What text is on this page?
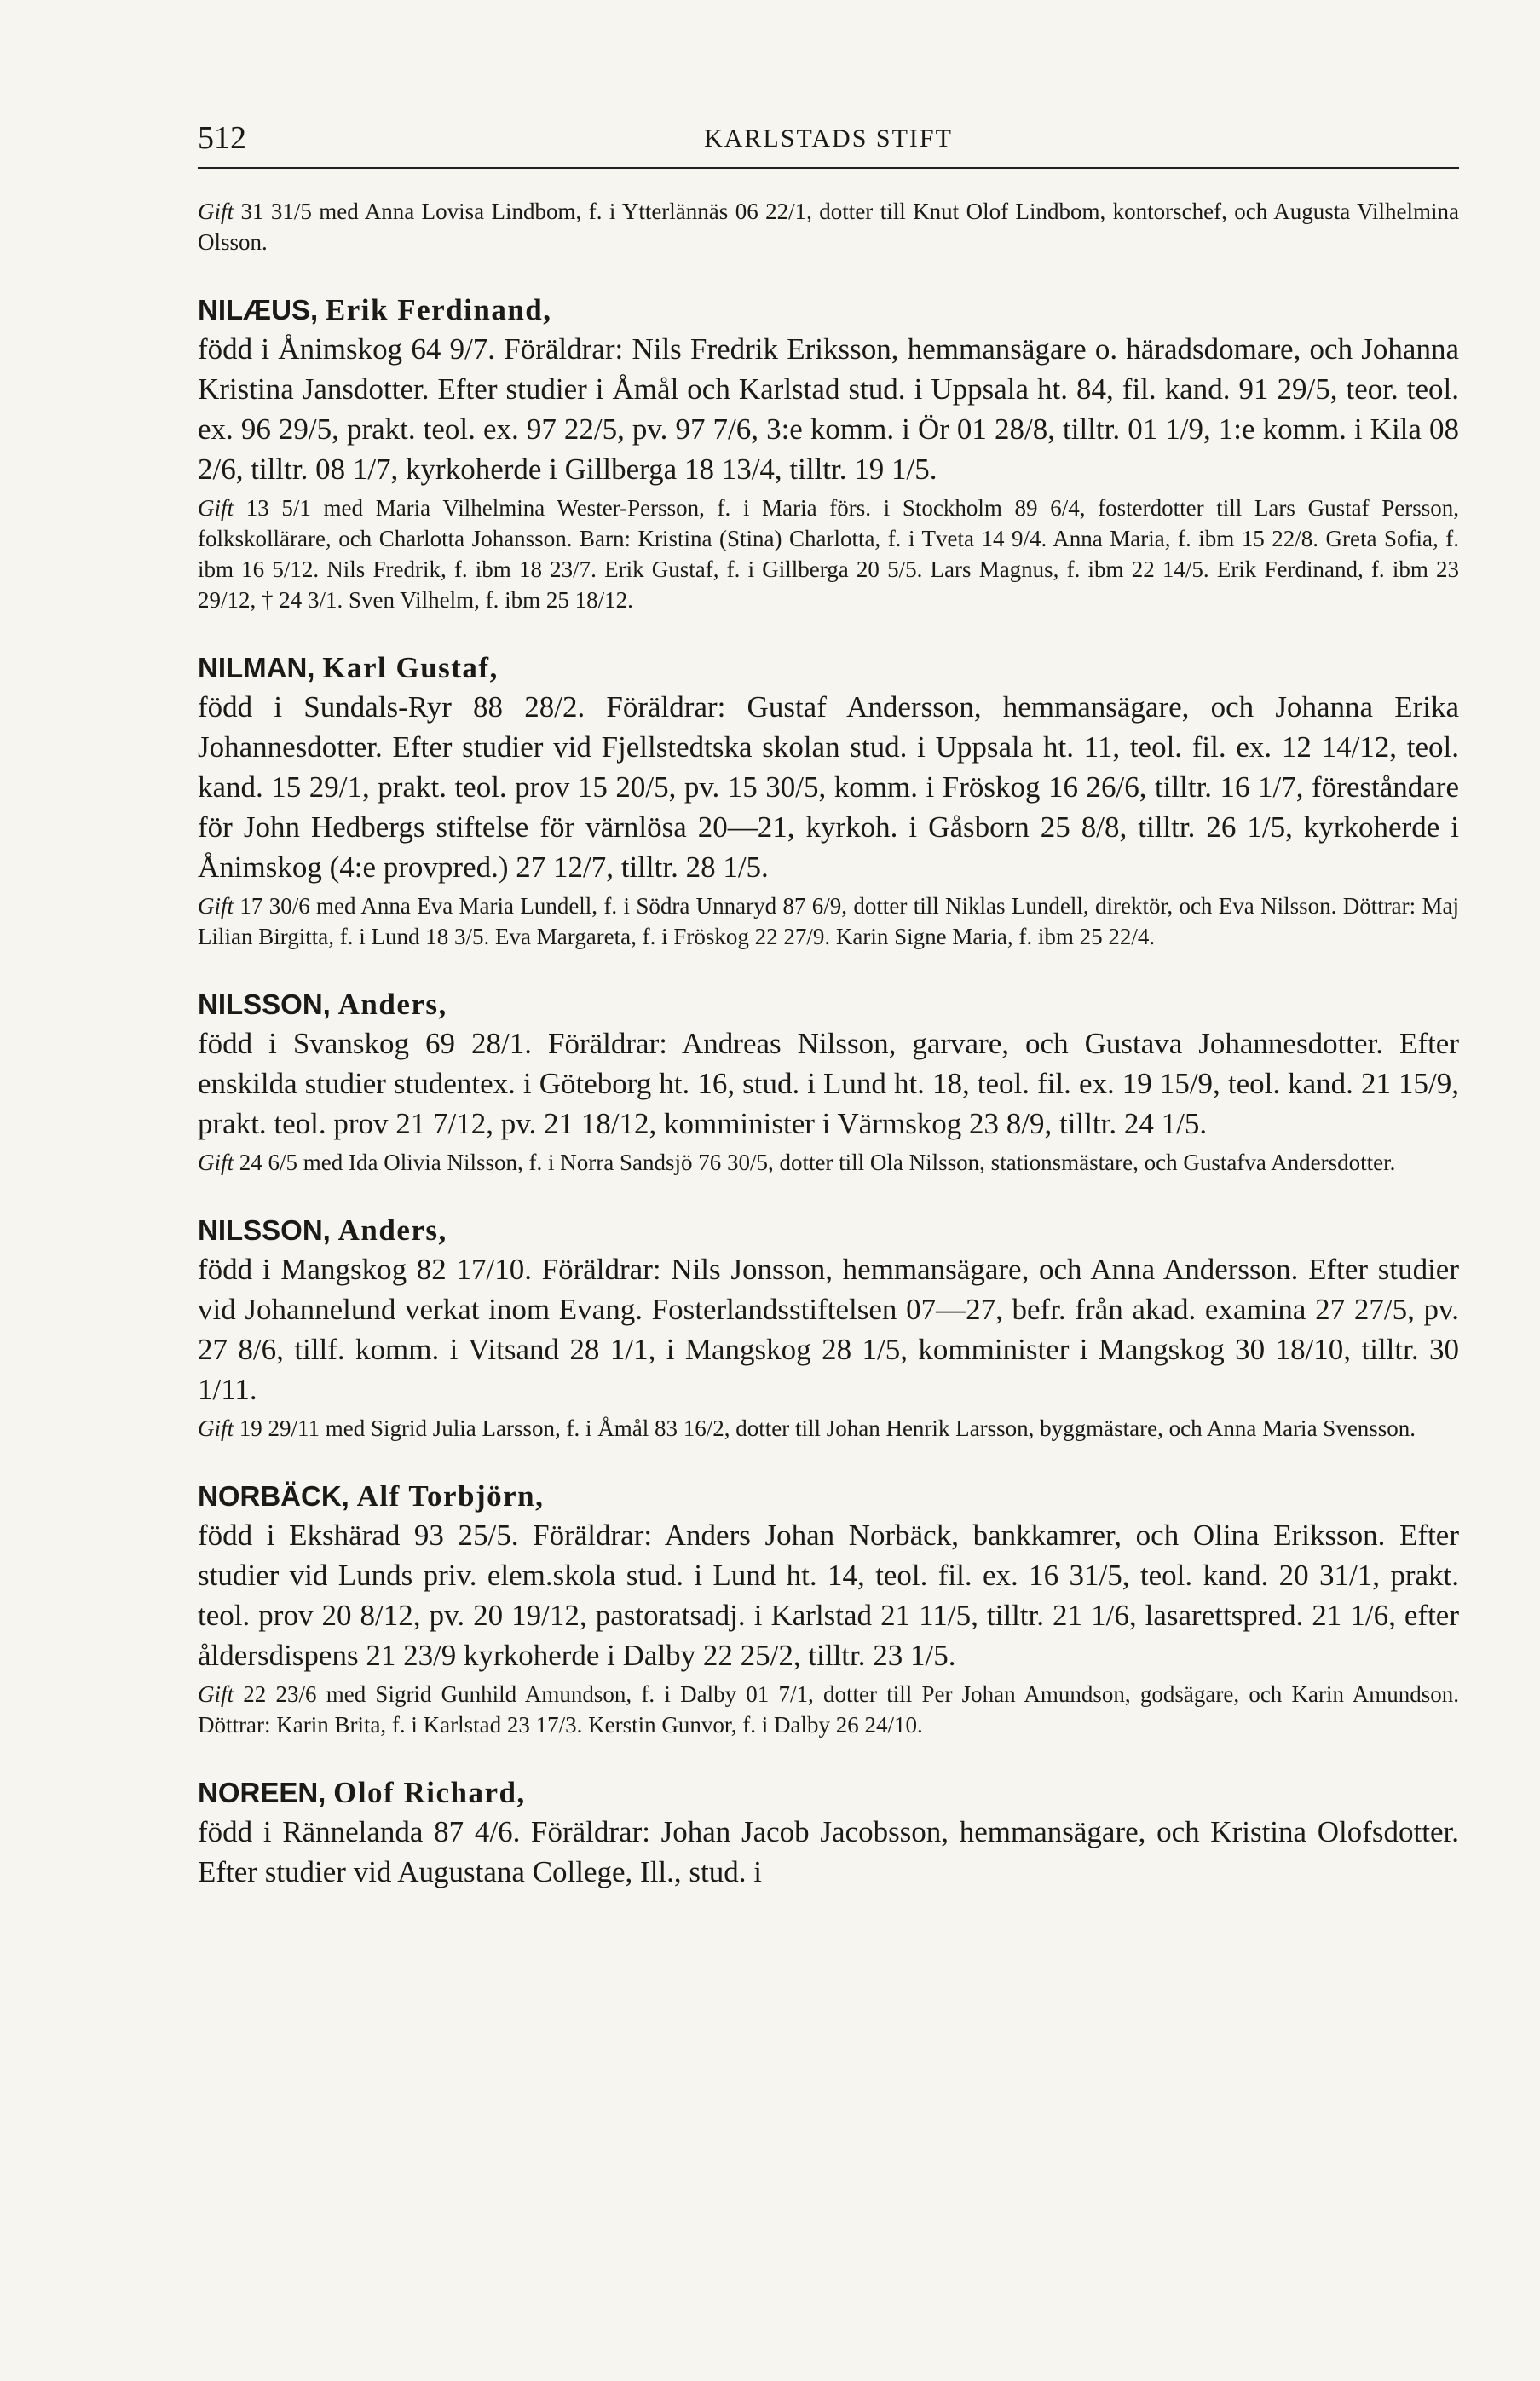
512	KARLSTADS STIFT

Gift 31 31/5 med Anna Lovisa Lindbom, f. i Ytterlännäs 06 22/1, dotter till Knut Olof Lindbom, kontorschef, och Augusta Vilhelmina Olsson.

NILÆUS, Erik Ferdinand,

född i Ånimskog 64 9/7. Föräldrar: Nils Fredrik Eriksson, hemmansägare o. häradsdomare, och Johanna Kristina Jansdotter. Efter studier i Åmål och Karlstad stud. i Uppsala ht. 84, fil. kand. 91 29/5, teor. teol. ex. 96 29/5, prakt. teol. ex. 97 22/5, pv. 97 7/6, 3:e komm. i Ör 01 28/8, tilltr. 01 1/9, 1:e komm. i Kila 08 2/6, tilltr. 08 1/7, kyrkoherde i Gillberga 18 13/4, tilltr. 19 1/5.

Gift 13 5/1 med Maria Vilhelmina Wester-Persson, f. i Maria förs. i Stockholm 89 6/4, fosterdotter till Lars Gustaf Persson, folkskollärare, och Charlotta Johansson. Barn: Kristina (Stina) Charlotta, f. i Tveta 14 9/4. Anna Maria, f. ibm 15 22/8. Greta Sofia, f. ibm 16 5/12. Nils Fredrik, f. ibm 18 23/7. Erik Gustaf, f. i Gillberga 20 5/5. Lars Magnus, f. ibm 22 14/5. Erik Ferdinand, f. ibm 23 29/12, † 24 3/1. Sven Vilhelm, f. ibm 25 18/12.

NILMAN, Karl Gustaf,

född i Sundals-Ryr 88 28/2. Föräldrar: Gustaf Andersson, hemmansägare, och Johanna Erika Johannesdotter. Efter studier vid Fjellstedtska skolan stud. i Uppsala ht. 11, teol. fil. ex. 12 14/12, teol. kand. 15 29/1, prakt. teol. prov 15 20/5, pv. 15 30/5, komm. i Fröskog 16 26/6, tilltr. 16 1/7, föreståndare för John Hedbergs stiftelse för värnlösa 20—21, kyrkoh. i Gåsborn 25 8/8, tilltr. 26 1/5, kyrkoherde i Ånimskog (4:e provpred.) 27 12/7, tilltr. 28 1/5.

Gift 17 30/6 med Anna Eva Maria Lundell, f. i Södra Unnaryd 87 6/9, dotter till Niklas Lundell, direktör, och Eva Nilsson. Döttrar: Maj Lilian Birgitta, f. i Lund 18 3/5. Eva Margareta, f. i Fröskog 22 27/9. Karin Signe Maria, f. ibm 25 22/4.

NILSSON, Anders,

född i Svanskog 69 28/1. Föräldrar: Andreas Nilsson, garvare, och Gustava Johannesdotter. Efter enskilda studier studentex. i Göteborg ht. 16, stud. i Lund ht. 18, teol. fil. ex. 19 15/9, teol. kand. 21 15/9, prakt. teol. prov 21 7/12, pv. 21 18/12, komminister i Värmskog 23 8/9, tilltr. 24 1/5.

Gift 24 6/5 med Ida Olivia Nilsson, f. i Norra Sandsjö 76 30/5, dotter till Ola Nilsson, stationsmästare, och Gustafva Andersdotter.

NILSSON, Anders,

född i Mangskog 82 17/10. Föräldrar: Nils Jonsson, hemmansägare, och Anna Andersson. Efter studier vid Johannelund verkat inom Evang. Fosterlandsstiftelsen 07—27, befr. från akad. examina 27 27/5, pv. 27 8/6, tillf. komm. i Vitsand 28 1/1, i Mangskog 28 1/5, komminister i Mangskog 30 18/10, tilltr. 30 1/11.

Gift 19 29/11 med Sigrid Julia Larsson, f. i Åmål 83 16/2, dotter till Johan Henrik Larsson, byggmästare, och Anna Maria Svensson.

NORBÄCK, Alf Torbjörn,

född i Ekshärad 93 25/5. Föräldrar: Anders Johan Norbäck, bankkamrer, och Olina Eriksson. Efter studier vid Lunds priv. elem.skola stud. i Lund ht. 14, teol. fil. ex. 16 31/5, teol. kand. 20 31/1, prakt. teol. prov 20 8/12, pv. 20 19/12, pastoratsadj. i Karlstad 21 11/5, tilltr. 21 1/6, lasarettspred. 21 1/6, efter åldersdispens 21 23/9 kyrkoherde i Dalby 22 25/2, tilltr. 23 1/5.

Gift 22 23/6 med Sigrid Gunhild Amundson, f. i Dalby 01 7/1, dotter till Per Johan Amundson, godsägare, och Karin Amundson. Döttrar: Karin Brita, f. i Karlstad 23 17/3. Kerstin Gunvor, f. i Dalby 26 24/10.

NOREEN, Olof Richard,

född i Rännelanda 87 4/6. Föräldrar: Johan Jacob Jacobsson, hemmansägare, och Kristina Olofsdotter. Efter studier vid Augustana College, Ill., stud. i
